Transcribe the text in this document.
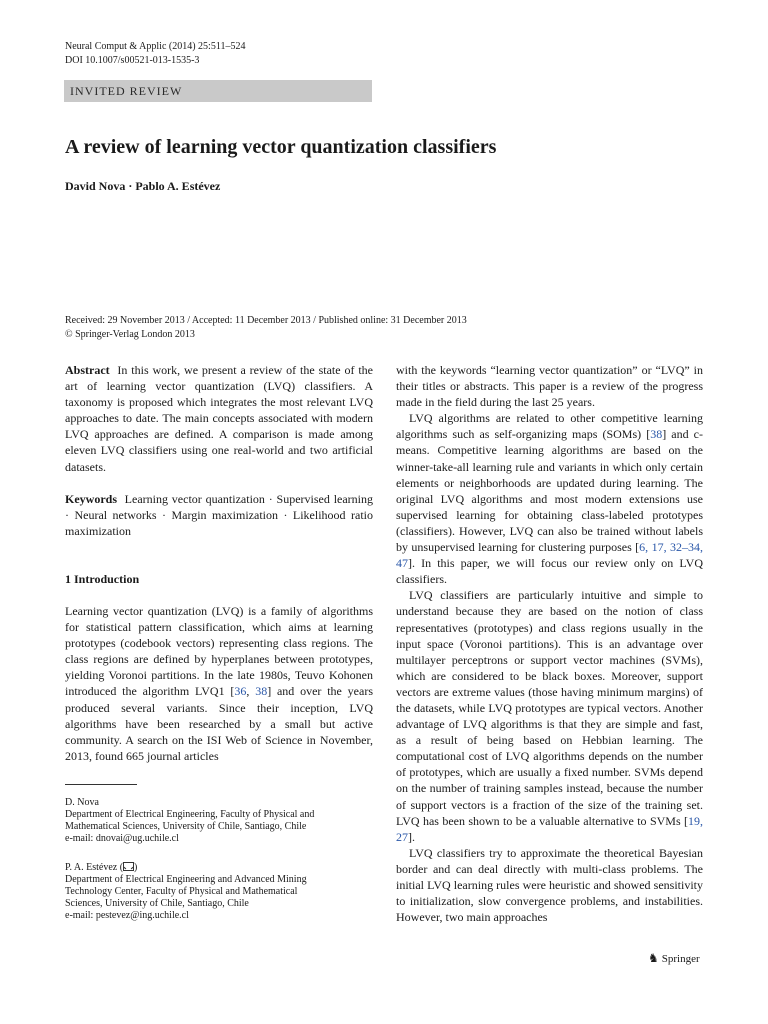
Neural Comput & Applic (2014) 25:511–524
DOI 10.1007/s00521-013-1535-3
INVITED REVIEW
A review of learning vector quantization classifiers
David Nova · Pablo A. Estévez
Received: 29 November 2013 / Accepted: 11 December 2013 / Published online: 31 December 2013
© Springer-Verlag London 2013

Abstract In this work, we present a review of the state of the art of learning vector quantization (LVQ) classifiers. A taxonomy is proposed which integrates the most relevant LVQ approaches to date. The main concepts associated with modern LVQ approaches are defined. A comparison is made among eleven LVQ classifiers using one real-world and two artificial datasets.

Keywords Learning vector quantization · Supervised learning · Neural networks · Margin maximization · Likelihood ratio maximization

1 Introduction

Learning vector quantization (LVQ) is a family of algorithms for statistical pattern classification, which aims at learning prototypes (codebook vectors) representing class regions. The class regions are defined by hyperplanes between prototypes, yielding Voronoi partitions. In the late 1980s, Teuvo Kohonen introduced the algorithm LVQ1 [36, 38] and over the years produced several variants. Since their inception, LVQ algorithms have been researched by a small but active community. A search on the ISI Web of Science in November, 2013, found 665 journal articles

D. Nova

Department of Electrical Engineering, Faculty of Physical and

Mathematical Sciences, University of Chile, Santiago, Chile

e-mail: dnovai@ug.uchile.cl

P. A. Estévez ( )

Department of Electrical Engineering and Advanced Mining

Technology Center, Faculty of Physical and Mathematical

Sciences, University of Chile, Santiago, Chile

e-mail: pestevez@ing.uchile.cl

with the keywords “learning vector quantization” or “LVQ” in their titles or abstracts. This paper is a review of the progress made in the field during the last 25 years.

LVQ algorithms are related to other competitive learning algorithms such as self-organizing maps (SOMs) [38] and c-means. Competitive learning algorithms are based on the winner-take-all learning rule and variants in which only certain elements or neighborhoods are updated during learning. The original LVQ algorithms and most modern extensions use supervised learning for obtaining class-labeled prototypes (classifiers). However, LVQ can also be trained without labels by unsupervised learning for clustering purposes [6, 17, 32–34, 47]. In this paper, we will focus our review only on LVQ classifiers.

LVQ classifiers are particularly intuitive and simple to understand because they are based on the notion of class representatives (prototypes) and class regions usually in the input space (Voronoi partitions). This is an advantage over multilayer perceptrons or support vector machines (SVMs), which are considered to be black boxes. Moreover, support vectors are extreme values (those having minimum margins) of the datasets, while LVQ prototypes are typical vectors. Another advantage of LVQ algorithms is that they are simple and fast, as a result of being based on Hebbian learning. The computational cost of LVQ algorithms depends on the number of prototypes, which are usually a fixed number. SVMs depend on the number of training samples instead, because the number of support vectors is a fraction of the size of the training set. LVQ has been shown to be a valuable alternative to SVMs [19, 27].

LVQ classifiers try to approximate the theoretical Bayesian border and can deal directly with multi-class problems. The initial LVQ learning rules were heuristic and showed sensitivity to initialization, slow convergence problems, and instabilities. However, two main approaches

♞ Springer
